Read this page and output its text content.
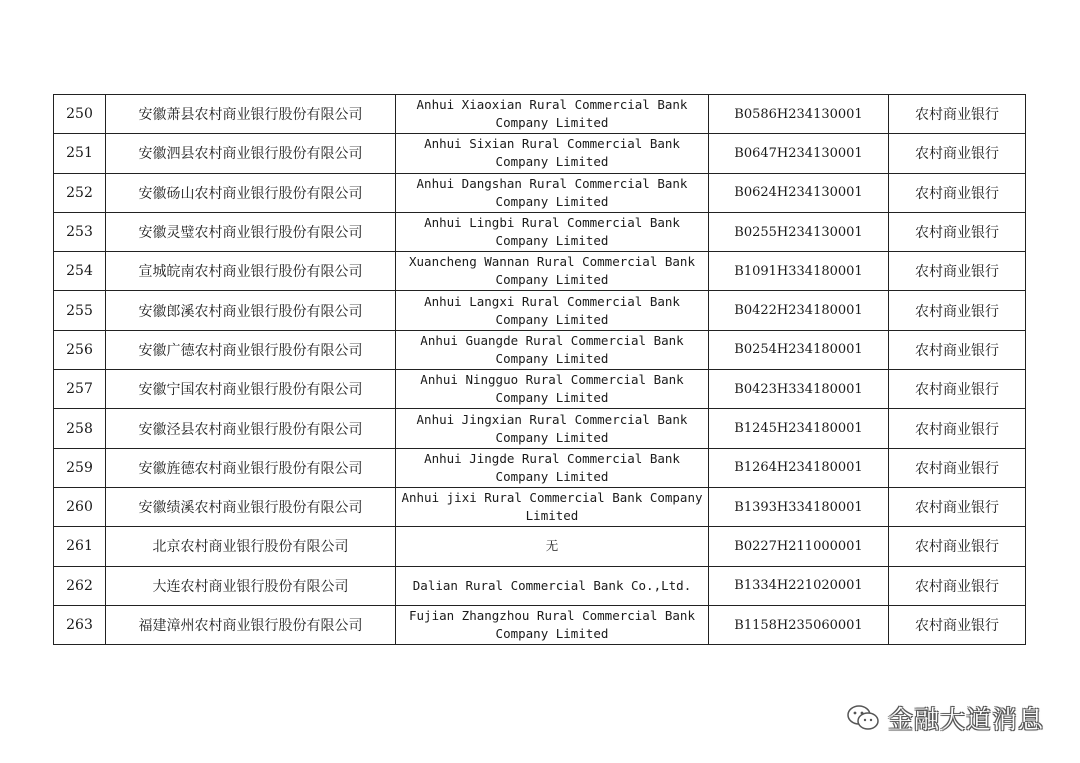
250	安徽萧县农村商业银行股份有限公司	Anhui Xiaoxian Rural Commercial Bank
Company Limited	B0586H234130001	农村商业银行
251	安徽泗县农村商业银行股份有限公司	Anhui Sixian Rural Commercial Bank
Company Limited	B0647H234130001	农村商业银行
252	安徽砀山农村商业银行股份有限公司	Anhui Dangshan Rural Commercial Bank
Company Limited	B0624H234130001	农村商业银行
253	安徽灵璧农村商业银行股份有限公司	Anhui Lingbi Rural Commercial Bank
Company Limited	B0255H234130001	农村商业银行
254	宣城皖南农村商业银行股份有限公司	Xuancheng Wannan Rural Commercial Bank
Company Limited	B1091H334180001	农村商业银行
255	安徽郎溪农村商业银行股份有限公司	Anhui Langxi Rural Commercial Bank
Company Limited	B0422H234180001	农村商业银行
256	安徽广德农村商业银行股份有限公司	Anhui Guangde Rural Commercial Bank
Company Limited	B0254H234180001	农村商业银行
257	安徽宁国农村商业银行股份有限公司	Anhui Ningguo Rural Commercial Bank
Company Limited	B0423H334180001	农村商业银行
258	安徽泾县农村商业银行股份有限公司	Anhui Jingxian Rural Commercial Bank
Company Limited	B1245H234180001	农村商业银行
259	安徽旌德农村商业银行股份有限公司	Anhui Jingde Rural Commercial Bank
Company Limited	B1264H234180001	农村商业银行
260	安徽绩溪农村商业银行股份有限公司	Anhui jixi Rural Commercial Bank Company
Limited	B1393H334180001	农村商业银行
261	北京农村商业银行股份有限公司	无	B0227H211000001	农村商业银行
262	大连农村商业银行股份有限公司	Dalian Rural Commercial Bank Co.,Ltd.	B1334H221020001	农村商业银行
263	福建漳州农村商业银行股份有限公司	Fujian Zhangzhou Rural Commercial Bank
Company Limited	B1158H235060001	农村商业银行
金融大道消息
